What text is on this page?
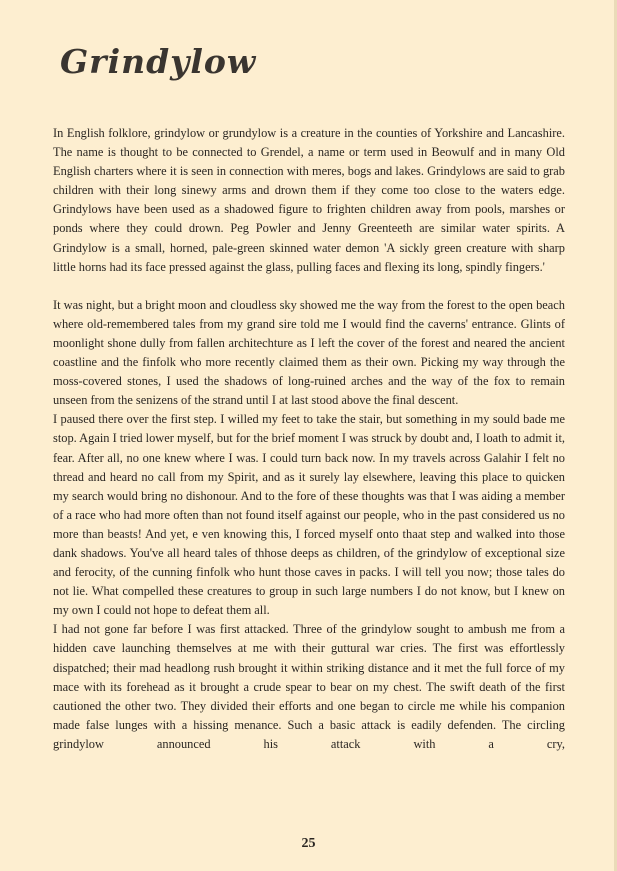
Grindylow

In English folklore, grindylow or grundylow is a creature in the counties of Yorkshire and Lancashire. The name is thought to be connected to Grendel, a name or term used in Beowulf and in many Old English charters where it is seen in connection with meres, bogs and lakes. Grindylows are said to grab children with their long sinewy arms and drown them if they come too close to the waters edge. Grindylows have been used as a shadowed figure to frighten children away from pools, marshes or ponds where they could drown. Peg Powler and Jenny Greenteeth are similar water spirits. A Grindylow is a small, horned, pale-green skinned water demon 'A sickly green creature with sharp little horns had its face pressed against the glass, pulling faces and flexing its long, spindly fingers.'

It was night, but a bright moon and cloudless sky showed me the way from the forest to the open beach where old-remembered tales from my grand sire told me I would find the caverns' entrance. Glints of moonlight shone dully from fallen architechture as I left the cover of the forest and neared the ancient coastline and the finfolk who more recently claimed them as their own. Picking my way through the moss-covered stones, I used the shadows of long-ruined arches and the way of the fox to remain unseen from the senizens of the strand until I at last stood above the final descent.

I paused there over the first step. I willed my feet to take the stair, but something in my sould bade me stop. Again I tried lower myself, but for the brief moment I was struck by doubt and, I loath to admit it, fear. After all, no one knew where I was. I could turn back now. In my travels across Galahir I felt no thread and heard no call from my Spirit, and as it surely lay elsewhere, leaving this place to quicken my search would bring no dishonour. And to the fore of these thoughts was that I was aiding a member of a race who had more often than not found itself against our people, who in the past considered us no more than beasts! And yet, e ven knowing this, I forced myself onto thaat step and walked into those dank shadows. You've all heard tales of thhose deeps as children, of the grindylow of exceptional size and ferocity, of the cunning finfolk who hunt those caves in packs. I will tell you now; those tales do not lie. What compelled these creatures to group in such large numbers I do not know, but I knew on my own I could not hope to defeat them all.

I had not gone far before I was first attacked. Three of the grindylow sought to ambush me from a hidden cave launching themselves at me with their guttural war cries. The first was effortlessly dispatched; their mad headlong rush brought it within striking distance and it met the full force of my mace with its forehead as it brought a crude spear to bear on my chest. The swift death of the first cautioned the other two. They divided their efforts and one began to circle me while his companion made false lunges with a hissing menance. Such a basic attack is eadily defenden. The circling grindylow announced his attack with a cry,

25
